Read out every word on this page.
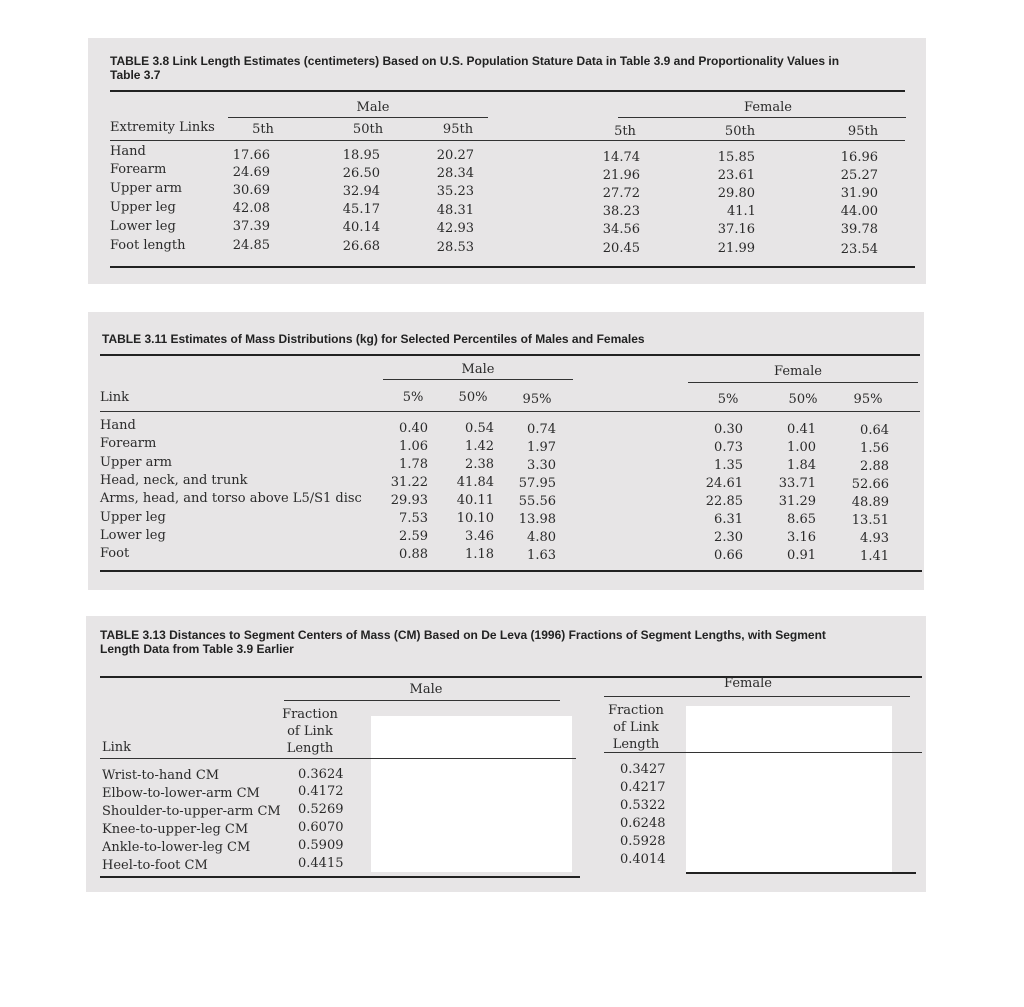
TABLE 3.8 Link Length Estimates (centimeters) Based on U.S. Population Stature Data in Table 3.9 and Proportionality Values in
Table 3.7
Male	Female
Extremity Links	5th	50th	95th	5th	50th	95th
Hand	17.66	18.95	20.27	14.74	15.85	16.96
Forearm	24.69	26.50	28.34	21.96	23.61	25.27
Upper arm	30.69	32.94	35.23	27.72	29.80	31.90
Upper leg	42.08	45.17	48.31	38.23	41.1	44.00
Lower leg	37.39	40.14	42.93	34.56	37.16	39.78
Foot length	24.85	26.68	28.53	20.45	21.99	23.54
TABLE 3.11 Estimates of Mass Distributions (kg) for Selected Percentiles of Males and Females
Male	Female
Link	5%	50%	95%	5%	50%	95%
Hand	0.40	0.54	0.74	0.30	0.41	0.64
Forearm	1.06	1.42	1.97	0.73	1.00	1.56
Upper arm	1.78	2.38	3.30	1.35	1.84	2.88
Head, neck, and trunk	31.22	41.84	57.95	24.61	33.71	52.66
Arms, head, and torso above L5/S1 disc	29.93	40.11	55.56	22.85	31.29	48.89
Upper leg	7.53	10.10	13.98	6.31	8.65	13.51
Lower leg	2.59	3.46	4.80	2.30	3.16	4.93
Foot	0.88	1.18	1.63	0.66	0.91	1.41
TABLE 3.13 Distances to Segment Centers of Mass (CM) Based on De Leva (1996) Fractions of Segment Lengths, with Segment
Length Data from Table 3.9 Earlier
Male	Female
Fraction
of Link
Length
Fraction
of Link
Length
Link
Wrist-to-hand CM	0.3624	0.3427
Elbow-to-lower-arm CM	0.4172	0.4217
Shoulder-to-upper-arm CM 0.5269	0.5322
Knee-to-upper-leg CM	0.6070	0.6248
Ankle-to-lower-leg CM	0.5909	0.5928
Heel-to-foot CM	0.4415	0.4014
